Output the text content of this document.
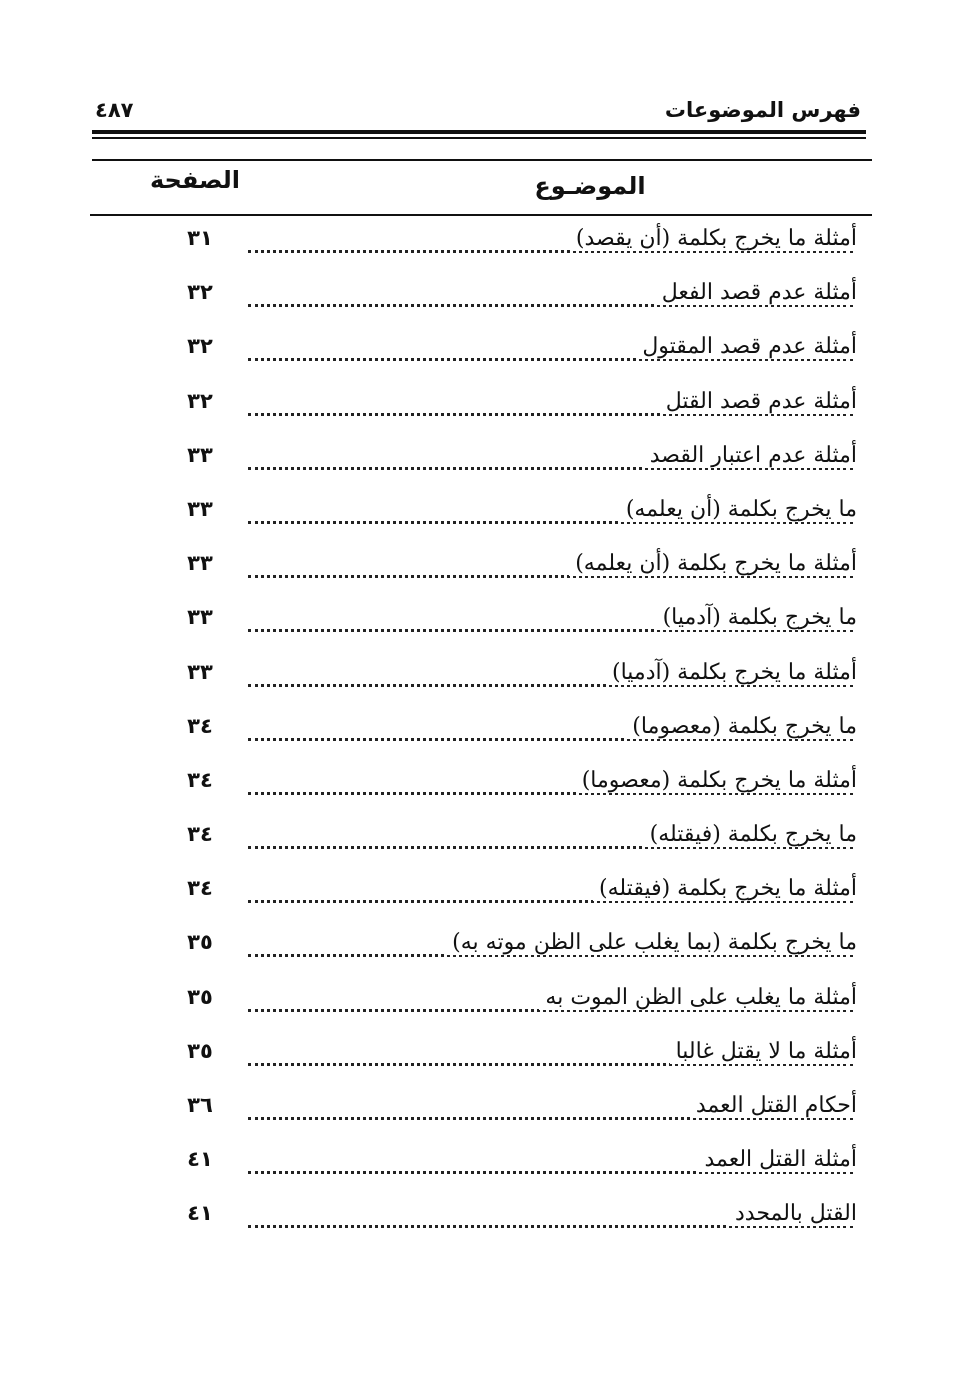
فهرس الموضوعات
٤٨٧
الموضـوع
الصفحة
أمثلة ما يخرج بكلمة (أن يقصد)
٣١
أمثلة عدم قصد الفعل
٣٢
أمثلة عدم قصد المقتول
٣٢
أمثلة عدم قصد القتل
٣٢
أمثلة عدم اعتبار القصد
٣٣
ما يخرج بكلمة (أن يعلمه)
٣٣
أمثلة ما يخرج بكلمة (أن يعلمه)
٣٣
ما يخرج بكلمة (آدميا)
٣٣
أمثلة ما يخرج بكلمة (آدميا)
٣٣
ما يخرج بكلمة (معصوما)
٣٤
أمثلة ما يخرج بكلمة (معصوما)
٣٤
ما يخرج بكلمة (فيقتله)
٣٤
أمثلة ما يخرج بكلمة (فيقتله)
٣٤
ما يخرج بكلمة (بما يغلب على الظن موته به)
٣٥
أمثلة ما يغلب على الظن الموت به
٣٥
أمثلة ما لا يقتل غالبا
٣٥
أحكام القتل العمد
٣٦
أمثلة القتل العمد
٤١
القتل بالمحدد
٤١
